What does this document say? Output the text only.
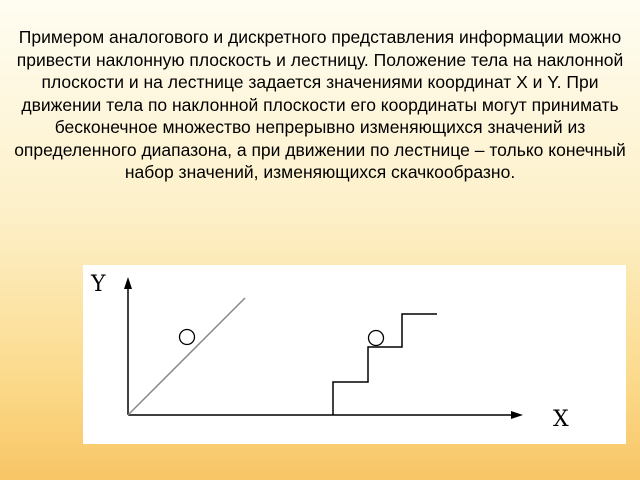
Примером аналогового и дискретного представления информации можно привести наклонную плоскость и лестницу. Положение тела на наклонной плоскости и на лестнице задается значениями координат X и Y. При движении тела по наклонной плоскости его координаты могут принимать бесконечное множество непрерывно изменяющихся значений из определенного диапазона, а при движении по лестнице – только конечный набор значений, изменяющихся скачкообразно.

Y
X
